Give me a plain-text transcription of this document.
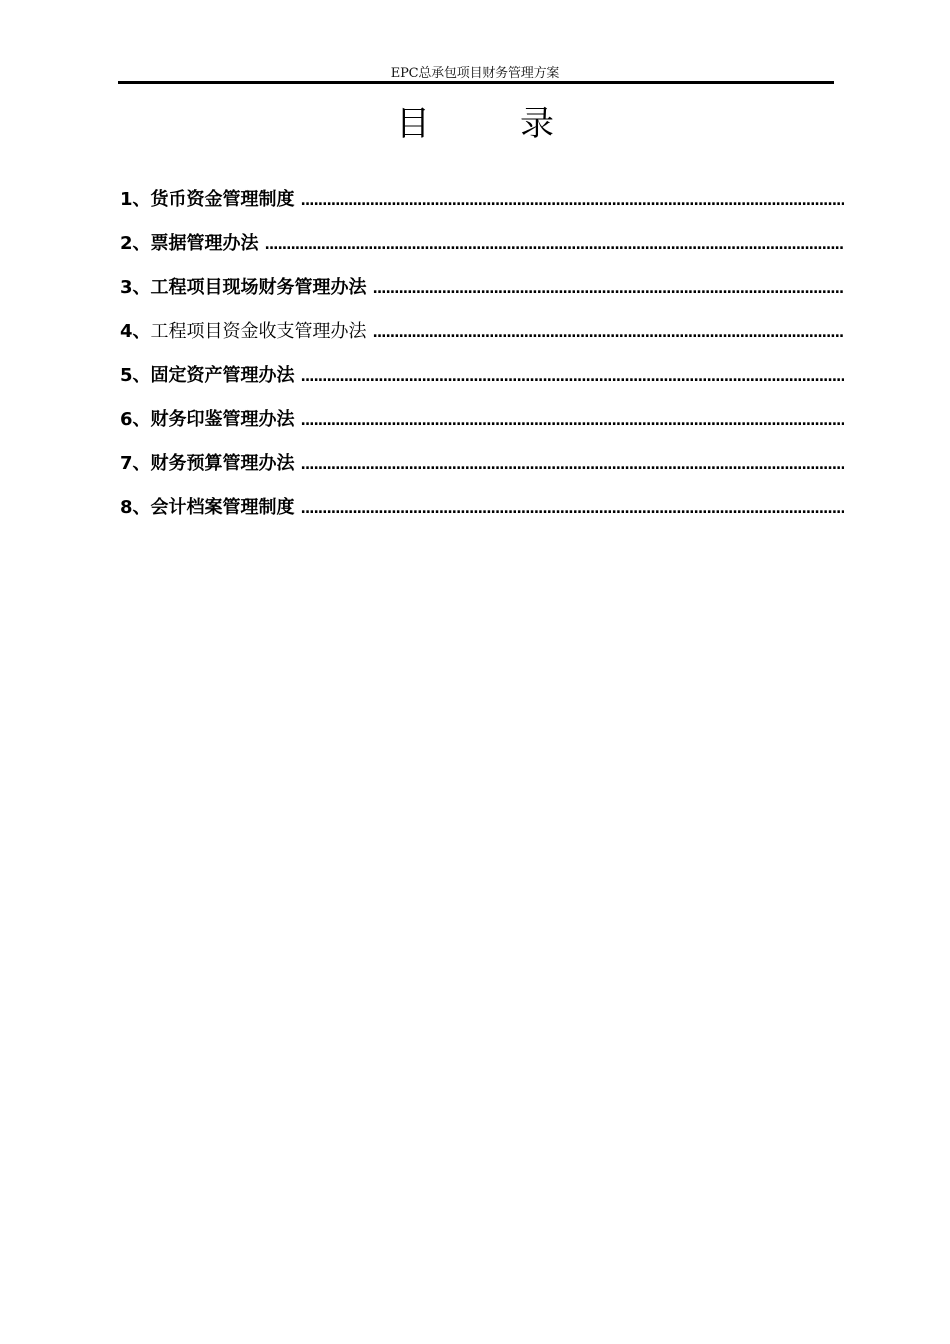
EPC总承包项目财务管理方案
目　录
1、 货币资金管理制度
.....
2、 票据管理办法
.....
3、 工程项目现场财务管理办法
.....
4、 工程项目资金收支管理办法
.....
5、 固定资产管理办法
.....
6、 财务印鉴管理办法
.....
7、 财务预算管理办法
.....
8、 会计档案管理制度
.....
